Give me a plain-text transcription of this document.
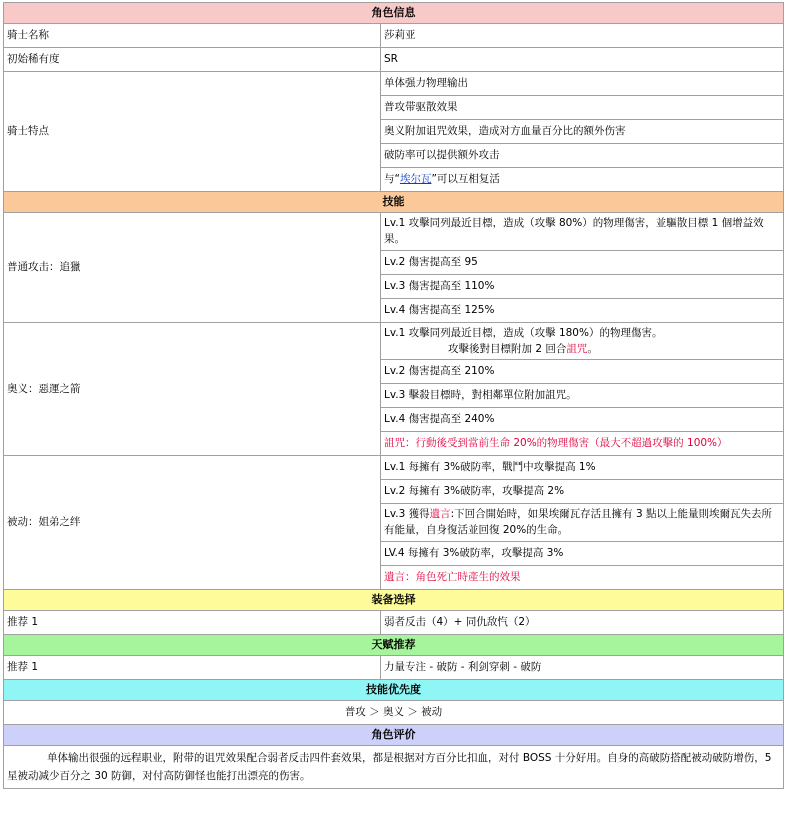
角色信息	
骑士名称	莎莉亚
初始稀有度	SR
骑士特点	单体强力物理输出
	普攻带驱散效果
	奥义附加诅咒效果，造成对方血量百分比的额外伤害
	破防率可以提供额外攻击
	与“埃尔瓦”可以互相复活
技能	
普通攻击：追獵	Lv.1 攻擊同列最近目標，造成（攻擊 80%）的物理傷害，並驅散目標 1 個增益效果。
	Lv.2 傷害提高至 95
	Lv.3 傷害提高至 110%
	Lv.4 傷害提高至 125%
奥义：惡運之箭	Lv.1 攻擊同列最近目標，造成（攻擊 180%）的物理傷害。
攻擊後對目標附加 2 回合詛咒。

	Lv.2 傷害提高至 210%
	Lv.3 擊殺目標時，對相鄰單位附加詛咒。
	Lv.4 傷害提高至 240%
	詛咒：行動後受到當前生命 20%的物理傷害（最大不超過攻擊的 100%）
被动：姐弟之绊	Lv.1 每擁有 3%破防率，戰鬥中攻擊提高 1%
	Lv.2 每擁有 3%破防率，攻擊提高 2%
	Lv.3 獲得遺言:下回合開始時，如果埃爾瓦存活且擁有 3 點以上能量則埃爾瓦失去所有能量，自身復活並回復 20%的生命。
	LV.4 每擁有 3%破防率，攻擊提高 3%
	遺言：角色死亡時產生的效果
装备选择	
推荐 1	弱者反击（4）+ 同仇敌忾（2）
天赋推荐	
推荐 1	力量专注 - 破防 - 利剑穿刺 - 破防
技能优先度	
普攻 ＞ 奥义 ＞ 被动	
角色评价	
单体输出很强的远程职业，附带的诅咒效果配合弱者反击四件套效果，都是根据对方百分比扣血，对付 BOSS 十分好用。自身的高破防搭配被动破防增伤，5 星被动减少百分之 30 防御，对付高防御怪也能打出漂亮的伤害。	
